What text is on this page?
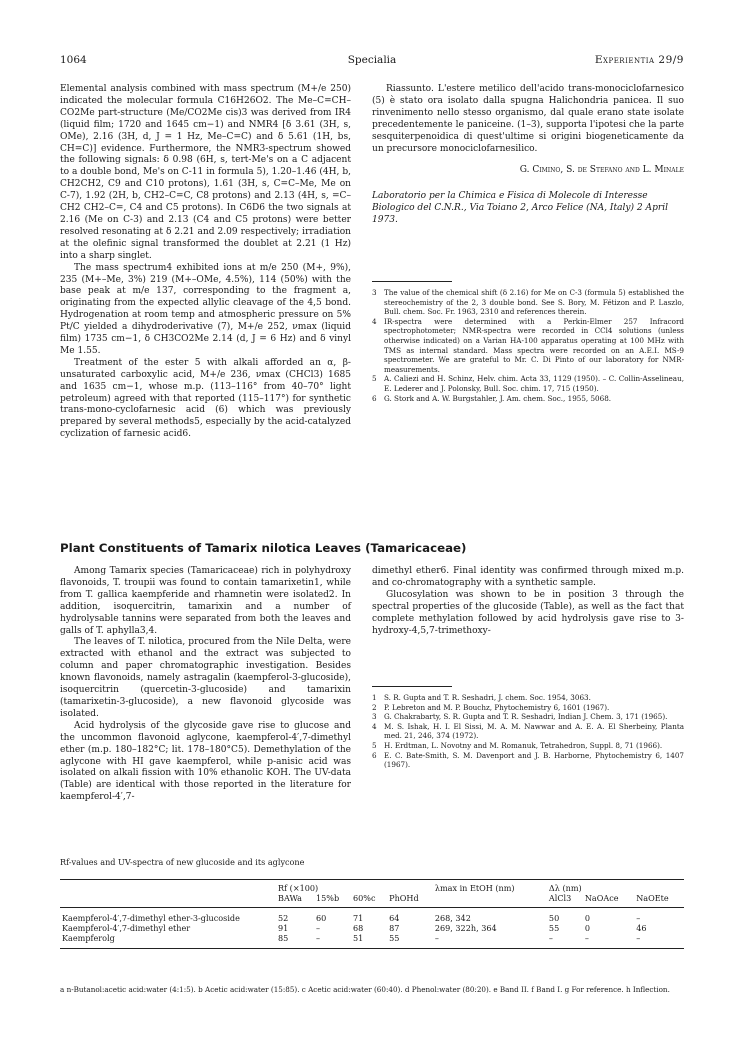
1064	Specialia	Experientia 29/9

Elemental analysis combined with mass spectrum (M+/e 250) indicated the molecular formula C16H26O2. The Me–C=CH–CO2Me part-structure (Me/CO2Me cis)3 was derived from IR4 (liquid film; 1720 and 1645 cm−1) and NMR4 [δ 3.61 (3H, s, OMe), 2.16 (3H, d, J = 1 Hz, Me–C=C) and δ 5.61 (1H, bs, CH=C)] evidence. Furthermore, the NMR3-spectrum showed the following signals: δ 0.98 (6H, s, tert-Me's on a C adjacent to a double bond, Me's on C-11 in formula 5), 1.20–1.46 (4H, b, CH2CH2, C9 and C10 protons), 1.61 (3H, s, C=C–Me, Me on C-7), 1.92 (2H, b, CH2–C=C, C8 protons) and 2.13 (4H, s, =C–CH2 CH2–C=, C4 and C5 protons). In C6D6 the two signals at 2.16 (Me on C-3) and 2.13 (C4 and C5 protons) were better resolved resonating at δ 2.21 and 2.09 respectively; irradiation at the olefinic signal transformed the doublet at 2.21 (1 Hz) into a sharp singlet.

The mass spectrum4 exhibited ions at m/e 250 (M+, 9%), 235 (M+–Me, 3%) 219 (M+–OMe, 4.5%), 114 (50%) with the base peak at m/e 137, corresponding to the fragment a, originating from the expected allylic cleavage of the 4,5 bond. Hydrogenation at room temp and atmospheric pressure on 5% Pt/C yielded a dihydroderivative (7), M+/e 252, νmax (liquid film) 1735 cm−1, δ CH3CO2Me 2.14 (d, J = 6 Hz) and δ vinyl Me 1.55.

Treatment of the ester 5 with alkali afforded an α, β-unsaturated carboxylic acid, M+/e 236, νmax (CHCl3) 1685 and 1635 cm−1, whose m.p. (113–116° from 40–70° light petroleum) agreed with that reported (115–117°) for synthetic trans-mono-cyclofarnesic acid (6) which was previously prepared by several methods5, especially by the acid-catalyzed cyclization of farnesic acid6.

Riassunto. L'estere metilico dell'acido trans-monociclofarnesico (5) è stato ora isolato dalla spugna Halichondria panicea. Il suo rinvenimento nello stesso organismo, dal quale erano state isolate precedentemente le paniceine. (1–3), supporta l'ipotesi che la parte sesquiterpenoidica di quest'ultime si origini biogeneticamente da un precursore monociclofarnesilico.

G. Cimino, S. de Stefano and L. Minale
Laboratorio per la Chimica e Fisica di Molecole di Interesse Biologico del C.N.R., Via Toiano 2, Arco Felice (NA, Italy) 2 April 1973.
3	The value of the chemical shift (δ 2.16) for Me on C-3 (formula 5) established the stereochemistry of the 2, 3 double bond. See S. Bory, M. Fétizon and P. Laszlo, Bull. chem. Soc. Fr. 1963, 2310 and references therein.
4	IR-spectra were determined with a Perkin-Elmer 257 Infracord spectrophotometer; NMR-spectra were recorded in CCl4 solutions (unless otherwise indicated) on a Varian HA-100 apparatus operating at 100 MHz with TMS as internal standard. Mass spectra were recorded on an A.E.I. MS-9 spectrometer. We are grateful to Mr. C. Di Pinto of our laboratory for NMR-measurements.
5	A. Caliezi and H. Schinz, Helv. chim. Acta 33, 1129 (1950). – C. Collin-Asselineau, E. Lederer and J. Polonsky, Bull. Soc. chim. 17, 715 (1950).
6	G. Stork and A. W. Burgstahler, J. Am. chem. Soc., 1955, 5068.
Plant Constituents of Tamarix nilotica Leaves (Tamaricaceae)

Among Tamarix species (Tamaricaceae) rich in polyhydroxy flavonoids, T. troupii was found to contain tamarixetin1, while from T. gallica kaempferide and rhamnetin were isolated2. In addition, isoquercitrin, tamarixin and a number of hydrolysable tannins were separated from both the leaves and galls of T. aphylla3,4.

The leaves of T. nilotica, procured from the Nile Delta, were extracted with ethanol and the extract was subjected to column and paper chromatographic investigation. Besides known flavonoids, namely astragalin (kaempferol-3-glucoside), isoquercitrin (quercetin-3-glucoside) and tamarixin (tamarixetin-3-glucoside), a new flavonoid glycoside was isolated.

Acid hydrolysis of the glycoside gave rise to glucose and the uncommon flavonoid aglycone, kaempferol-4′,7-dimethyl ether (m.p. 180–182°C; lit. 178–180°C5). Demethylation of the aglycone with HI gave kaempferol, while p-anisic acid was isolated on alkali fission with 10% ethanolic KOH. The UV-data (Table) are identical with those reported in the literature for kaempferol-4′,7-

dimethyl ether6. Final identity was confirmed through mixed m.p. and co-chromatography with a synthetic sample.

Glucosylation was shown to be in position 3 through the spectral properties of the glucoside (Table), as well as the fact that complete methylation followed by acid hydrolysis gave rise to 3-hydroxy-4,5,7-trimethoxy-

1	S. R. Gupta and T. R. Seshadri, J. chem. Soc. 1954, 3063.
2	P. Lebreton and M. P. Bouchz, Phytochemistry 6, 1601 (1967).
3	G. Chakrabarty, S. R. Gupta and T. R. Seshadri, Indian J. Chem. 3, 171 (1965).
4	M. S. Ishak, H. I. El Sissi, M. A. M. Nawwar and A. E. A. El Sherbeiny, Planta med. 21, 246, 374 (1972).
5	H. Erdtman, L. Novotny and M. Romanuk, Tetrahedron, Suppl. 8, 71 (1966).
6	E. C. Bate-Smith, S. M. Davenport and J. B. Harborne, Phytochemistry 6, 1407 (1967).
Rf-values and UV-spectra of new glucoside and its aglycone
	Rf (×100)				λmax in EtOH (nm)	Δλ (nm)		
	BAWa	15%b	60%c	PhOHd		AlCl3	NaOAce	NaOEte
Kaempferol-4′,7-dimethyl ether-3-glucoside	52	60	71	64	268, 342	50	0	–
Kaempferol-4′,7-dimethyl ether	91	–	68	87	269, 322h, 364	55	0	46
Kaempferolg	85	–	51	55	–	–	–	–
a n-Butanol:acetic acid:water (4:1:5). b Acetic acid:water (15:85). c Acetic acid:water (60:40). d Phenol:water (80:20). e Band II. f Band I. g For reference. h Inflection.
